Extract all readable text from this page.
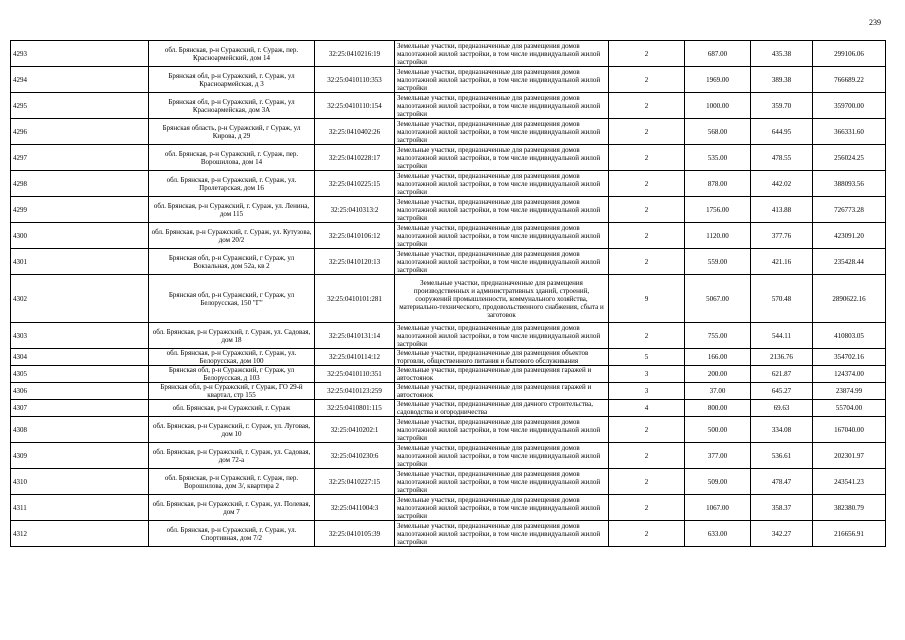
239
4293	обл. Брянская, р-н Суражский, г. Сураж, пер. Красноармейский, дом 14	32:25:0410216:19	Земельные участки, предназначенные для размещения домов малоэтажной жилой застройки, в том числе индивидуальной жилой застройки	2	687.00	435.38	299106.06
4294	Брянская обл, р-н Суражский, г. Сураж, ул Красноармейская, д 3	32:25:0410110:353	Земельные участки, предназначенные для размещения домов малоэтажной жилой застройки, в том числе индивидуальной жилой застройки	2	1969.00	389.38	766689.22
4295	Брянская обл, р-н Суражский, г. Сураж, ул Красноармейская, дом 3А	32:25:0410110:154	Земельные участки, предназначенные для размещения домов малоэтажной жилой застройки, в том числе индивидуальной жилой застройки	2	1000.00	359.70	359700.00
4296	Брянская область, р-н Суражский, г Сураж, ул Кирова, д 29	32:25:0410402:26	Земельные участки, предназначенные для размещения домов малоэтажной жилой застройки, в том числе индивидуальной жилой застройки	2	568.00	644.95	366331.60
4297	обл. Брянская, р-н Суражский, г. Сураж, пер. Ворошилова, дом 14	32:25:0410228:17	Земельные участки, предназначенные для размещения домов малоэтажной жилой застройки, в том числе индивидуальной жилой застройки	2	535.00	478.55	256024.25
4298	обл. Брянская, р-н Суражский, г. Сураж, ул. Пролетарская, дом 16	32:25:0410225:15	Земельные участки, предназначенные для размещения домов малоэтажной жилой застройки, в том числе индивидуальной жилой застройки	2	878.00	442.02	388093.56
4299	обл. Брянская, р-н Суражский, г. Сураж, ул. Ленина, дом 115	32:25:0410313:2	Земельные участки, предназначенные для размещения домов малоэтажной жилой застройки, в том числе индивидуальной жилой застройки	2	1756.00	413.88	726773.28
4300	обл. Брянская, р-н Суражский, г. Сураж, ул. Кутузова, дом 20/2	32:25:0410106:12	Земельные участки, предназначенные для размещения домов малоэтажной жилой застройки, в том числе индивидуальной жилой застройки	2	1120.00	377.76	423091.20
4301	Брянская обл, р-н Суражский, г Сураж, ул Вокзальная, дом 52а, кв 2	32:25:0410120:13	Земельные участки, предназначенные для размещения домов малоэтажной жилой застройки, в том числе индивидуальной жилой застройки	2	559.00	421.16	235428.44
4302	Брянская обл, р-н Суражский, г Сураж, ул Белорусская, 150 "Г"	32:25:0410101:281	Земельные участки, предназначенные для размещения производственных и административных зданий, строений, сооружений промышленности, коммунального хозяйства, материально-технического, продовольственного снабжения, сбыта и заготовок	9	5067.00	570.48	2890622.16
4303	обл. Брянская, р-н Суражский, г. Сураж, ул. Садовая, дом 18	32:25:0410131:14	Земельные участки, предназначенные для размещения домов малоэтажной жилой застройки, в том числе индивидуальной жилой застройки	2	755.00	544.11	410803.05
4304	обл. Брянская, р-н Суражский, г. Сураж, ул. Белорусская, дом 100	32:25:0410114:12	Земельные участки, предназначенные для размещения объектов торговли, общественного питания и бытового обслуживания	5	166.00	2136.76	354702.16
4305	Брянская обл, р-н Суражский, г Сураж, ул Белорусская, д 103	32:25:0410110:351	Земельные участки, предназначенные для размещения гаражей и автостоянок	3	200.00	621.87	124374.00
4306	Брянская обл, р-н Суражский, г Сураж, ГО 29-й квартал, стр 155	32:25:0410123:259	Земельные участки, предназначенные для размещения гаражей и автостоянок	3	37.00	645.27	23874.99
4307	обл. Брянская, р-н Суражский, г. Сураж	32:25:0410801:115	Земельные участки, предназначенные для дачного строительства, садоводства и огородничества	4	800.00	69.63	55704.00
4308	обл. Брянская, р-н Суражский, г. Сураж, ул. Луговая, дом 10	32:25:0410202:1	Земельные участки, предназначенные для размещения домов малоэтажной жилой застройки, в том числе индивидуальной жилой застройки	2	500.00	334.08	167040.00
4309	обл. Брянская, р-н Суражский, г. Сураж, ул. Садовая, дом 72-а	32:25:0410230:6	Земельные участки, предназначенные для размещения домов малоэтажной жилой застройки, в том числе индивидуальной жилой застройки	2	377.00	536.61	202301.97
4310	обл. Брянская, р-н Суражский, г. Сураж, пер. Ворошилова, дом 3/, квартира 2	32:25:0410227:15	Земельные участки, предназначенные для размещения домов малоэтажной жилой застройки, в том числе индивидуальной жилой застройки	2	509.00	478.47	243541.23
4311	обл. Брянская, р-н Суражский, г. Сураж, ул. Полевая, дом 7	32:25:0411004:3	Земельные участки, предназначенные для размещения домов малоэтажной жилой застройки, в том числе индивидуальной жилой застройки	2	1067.00	358.37	382380.79
4312	обл. Брянская, р-н Суражский, г. Сураж, ул. Спортивная, дом 7/2	32:25:0410105:39	Земельные участки, предназначенные для размещения домов малоэтажной жилой застройки, в том числе индивидуальной жилой застройки	2	633.00	342.27	216656.91
